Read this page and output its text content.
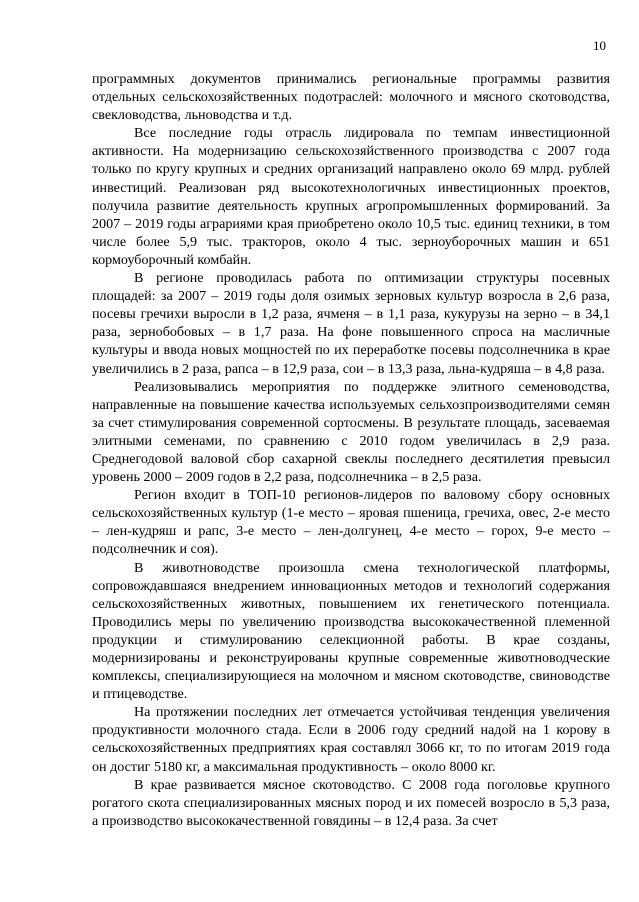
10

программных документов принимались региональные программы развития отдельных сельскохозяйственных подотраслей: молочного и мясного скотоводства, свекловодства, льноводства и т.д.

Все последние годы отрасль лидировала по темпам инвестиционной активности. На модернизацию сельскохозяйственного производства с 2007 года только по кругу крупных и средних организаций направлено около 69 млрд. рублей инвестиций. Реализован ряд высокотехнологичных инвестиционных проектов, получила развитие деятельность крупных агропромышленных формирований. За 2007 – 2019 годы аграриями края приобретено около 10,5 тыс. единиц техники, в том числе более 5,9 тыс. тракторов, около 4 тыс. зерноуборочных машин и 651 кормоуборочный комбайн.

В регионе проводилась работа по оптимизации структуры посевных площадей: за 2007 – 2019 годы доля озимых зерновых культур возросла в 2,6 раза, посевы гречихи выросли в 1,2 раза, ячменя – в 1,1 раза, кукурузы на зерно – в 34,1 раза, зернобобовых – в 1,7 раза. На фоне повышенного спроса на масличные культуры и ввода новых мощностей по их переработке посевы подсолнечника в крае увеличились в 2 раза, рапса – в 12,9 раза, сои – в 13,3 раза, льна-кудряша – в 4,8 раза.

Реализовывались мероприятия по поддержке элитного семеноводства, направленные на повышение качества используемых сельхозпроизводителями семян за счет стимулирования современной сортосмены. В результате площадь, засеваемая элитными семенами, по сравнению с 2010 годом увеличилась в 2,9 раза. Среднегодовой валовой сбор сахарной свеклы последнего десятилетия превысил уровень 2000 – 2009 годов в 2,2 раза, подсолнечника – в 2,5 раза.

Регион входит в ТОП-10 регионов-лидеров по валовому сбору основных сельскохозяйственных культур (1-е место – яровая пшеница, гречиха, овес, 2-е место – лен-кудряш и рапс, 3-е место – лен-долгунец, 4-е место – горох, 9-е место – подсолнечник и соя).

В животноводстве произошла смена технологической платформы, сопровождавшаяся внедрением инновационных методов и технологий содержания сельскохозяйственных животных, повышением их генетического потенциала. Проводились меры по увеличению производства высококачественной племенной продукции и стимулированию селекционной работы. В крае созданы, модернизированы и реконструированы крупные современные животноводческие комплексы, специализирующиеся на молочном и мясном скотоводстве, свиноводстве и птицеводстве.

На протяжении последних лет отмечается устойчивая тенденция увеличения продуктивности молочного стада. Если в 2006 году средний надой на 1 корову в сельскохозяйственных предприятиях края составлял 3066 кг, то по итогам 2019 года он достиг 5180 кг, а максимальная продуктивность – около 8000 кг.

В крае развивается мясное скотоводство. С 2008 года поголовье крупного рогатого скота специализированных мясных пород и их помесей возросло в 5,3 раза, а производство высококачественной говядины – в 12,4 раза. За счет
